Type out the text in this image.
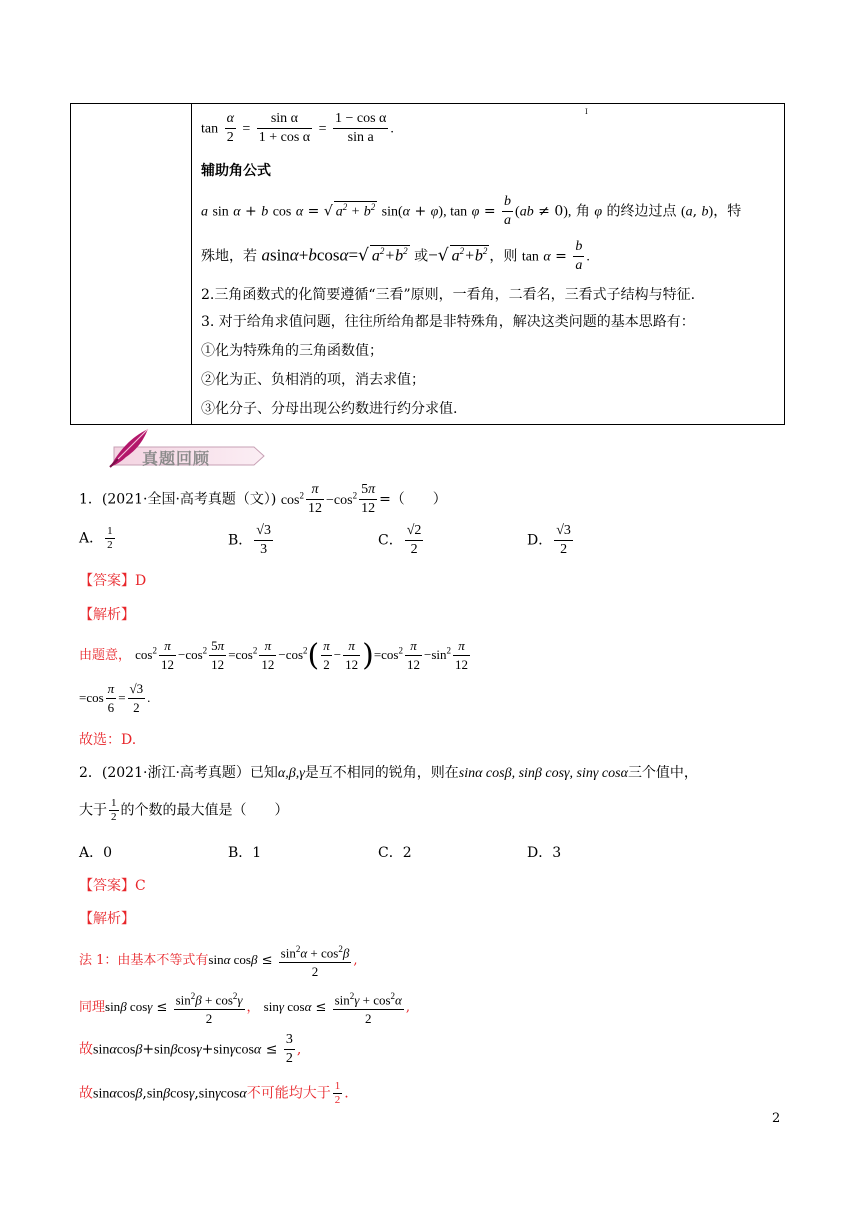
$\tan \frac{\alpha}{2} = \frac{\text{sin α}}{\text{1 + cos α}} = \frac{\text{1 − cos α}}{\text{sin a}}$ .
I
辅助角公式
a sin α + b cos α = √ $a^2 + b^2$ sin(α + φ), $\tan \varphi = \frac{b}{a} (ab \ne 0)$, 角 φ 的终边过点 (a, b)，特
殊地，若 asinα+bcosα=√ $a^2+b^2$ 或−√ $a^2+b^2$ ，则 $\tan \alpha = \frac{b}{a}$ .
2.三角函数式的化简要遵循“三看”原则，一看角，二看名，三看式子结构与特征.
3. 对于给角求值问题，往往所给角都是非特殊角，解决这类问题的基本思路有：
①化为特殊角的三角函数值；
②化为正、负相消的项，消去求值；
③化分子、分母出现公约数进行约分求值.
真题回顾
1．(2021·全国·高考真题（文）) $\cos^2 \frac{\pi}{12} -\cos^2 \frac{5\pi}{12}$ =（　　）
A． $\frac{1}{2}$	B． $\frac{√3}{3}$	C． $\frac{√2}{2}$	D． $\frac{√3}{2}$
【答案】D
【解析】
由题意， $\cos^2 \frac{\pi}{12} -\cos^2 \frac{5\pi}{12} =\cos^2 \frac{\pi}{12} -\cos^2( \frac{\pi}{2} - \frac{\pi}{12} )=\cos^2 \frac{\pi}{12} -\sin^2 \frac{\pi}{12}$
$=\cos \frac{\pi}{6} = \frac{√3}{2}$ .
故选：D.
2．(2021·浙江·高考真题）已知α,β,γ是互不相同的锐角，则在sinα cosβ, sinβ cosγ, sinγ cosα三个值中，
大于 $\frac{1}{2}$ 的个数的最大值是（　　）
A．0	B．1	C．2	D．3
【答案】C
【解析】
法 1：由基本不等式有sinα $\cos\beta \le \frac{\sin^2\alpha + \cos^2\beta}{2}$ ,
同理sinβ $\cos\gamma \le \frac{\sin^2\beta + \cos^2\gamma}{2}$ ， sinγ $\cos\alpha \le \frac{\sin^2\gamma + \cos^2\alpha}{2}$ ,
故$\sin\alpha\cos\beta+\sin\beta\cos\gamma+\sin\gamma\cos\alpha \le \frac{3}{2}$ ,
故sinαcosβ,sinβcosγ,sinγcosα不可能均大于 $\frac{1}{2}$ .
2
